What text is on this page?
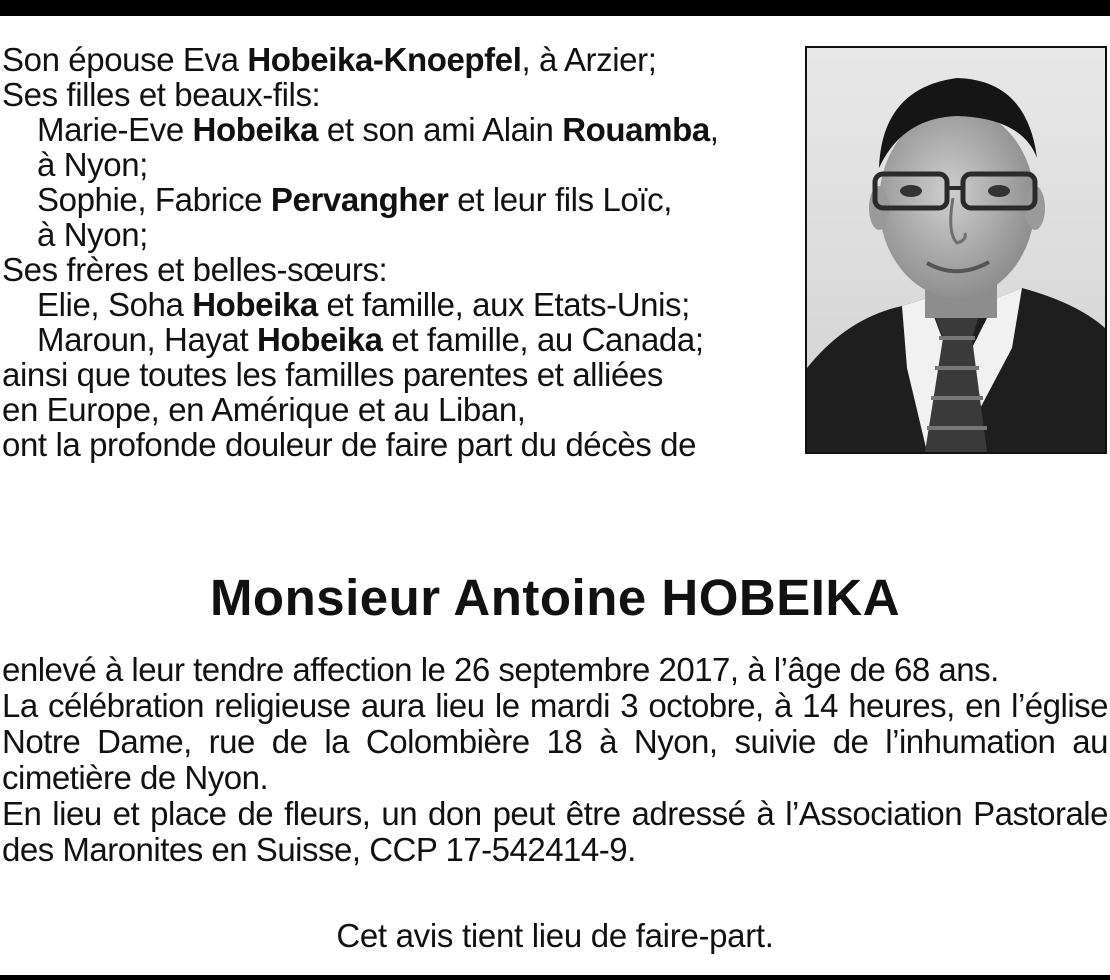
Son épouse Eva Hobeika-Knoepfel, à Arzier;
Ses filles et beaux-fils:
Marie-Eve Hobeika et son ami Alain Rouamba,
à Nyon;
Sophie, Fabrice Pervangher et leur fils Loïc,
à Nyon;
Ses frères et belles-sœurs:
Elie, Soha Hobeika et famille, aux Etats-Unis;
Maroun, Hayat Hobeika et famille, au Canada;
ainsi que toutes les familles parentes et alliées
en Europe, en Amérique et au Liban,
ont la profonde douleur de faire part du décès de
Monsieur Antoine HOBEIKA
enlevé à leur tendre affection le 26 septembre 2017, à l’âge de 68 ans.
La célébration religieuse aura lieu le mardi 3 octobre, à 14 heures, en l’église
Notre Dame, rue de la Colombière 18 à Nyon, suivie de l’inhumation au
cimetière de Nyon.
En lieu et place de fleurs, un don peut être adressé à l’Association Pastorale
des Maronites en Suisse, CCP 17-542414-9.
Cet avis tient lieu de faire-part.
